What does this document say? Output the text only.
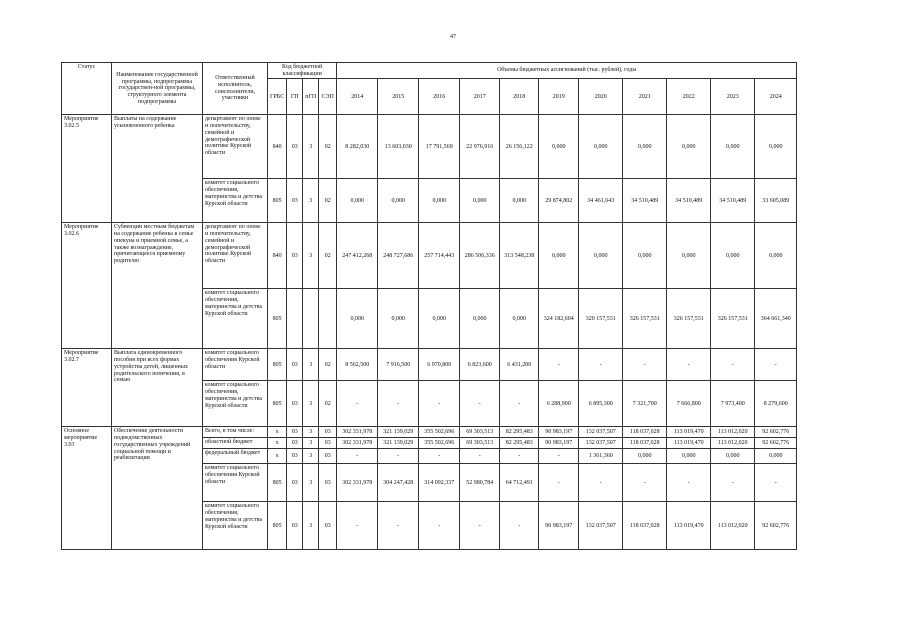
47
Статус	Наименование государственной программы, подпрограммы государствен-ной программы, структурного элемента подпрограммы	Ответственный исполнитель, соисполнители, участники	Код бюджетной классификации				Объемы бюджетных ассигнований (тыс. рублей), годы										
			ГРБС	ГП	пГП	СЭП	2014	2015	2016	2017	2018	2019	2020	2021	2022	2023	2024
Мероприятие 3.02.5	Выплаты на содержание усыновленного ребенка	департамент по опеке и попечительству, семейной и демографической политике Курской области	840	03	3	02	8 282,030	13 603,030	17 791,569	22 976,916	26 156,122	0,000	0,000	0,000	0,000	0,000	0,000
		комитет социального обеспечения, материнства и детства Курской области	805	03	3	02	0,000	0,000	0,000	0,000	0,000	29 874,802	34 461,643	34 510,489	34 510,489	34 510,489	33 605,089
Мероприятие 3.02.6	Субвенции местным бюджетам на содержание ребенка в семье опекуна и приемной семье, а также вознаграждение, причитающееся приемному родителю	департамент по опеке и попечительству, семейной и демографической политике Курской области	840	03	3	02	247 412,268	248 727,686	257 714,443	286 506,336	313 548,238	0,000	0,000	0,000	0,000	0,000	0,000
		комитет социального обеспечения, материнства и детства Курской области	805				0,000	0,000	0,000	0,000	0,000	324 182,604	320 157,531	326 157,531	326 157,531	326 157,531	364 661,340
Мероприятие 3.02.7	Выплата единовременного пособия при всех формах устройства детей, лишенных родительского попечения, в семью	комитет социального обеспечения Курской области	805	03	3	02	8 562,500	7 916,500	6 970,800	6 823,600	6 431,200	-	-	-	-	-	-
		комитет социального обеспечения, материнства и детства Курской области	805	03	3	02	-	-	-	-	-	6 288,900	6 895,300	7 321,700	7 666,800	7 973,400	8 279,600
Основное мероприятие 3.03	Обеспечение деятельности подведомственных государственных учреждений социальной помощи и реабилитации	Всего, в том числе:	х	03	3	03	302 331,978	321 139,029	355 502,696	69 303,513	82 295,483	90 983,197	132 037,507	118 037,028	113 019,470	113 012,020	92 602,776
		областной бюджет	х	03	3	03	302 331,978	321 139,029	355 502,696	69 303,513	82 295,483	90 983,197	132 037,507	118 037,028	113 019,470	113 012,020	92 602,776
		федеральный бюджет	х	03	3	03	-	-	-	-	-	-	1 361,360	0,000	0,000	0,000	0,000
		комитет социального обеспечения Курской области	805	03	3	03	302 331,978	304 247,428	314 092,337	52 980,784	64 712,491	-	-	-	-	-	-
		комитет социального обеспечения, материнства и детства Курской области	805	03	3	03	-	-	-	-	-	90 983,197	132 037,507	118 037,028	113 019,470	113 012,020	92 602,776
